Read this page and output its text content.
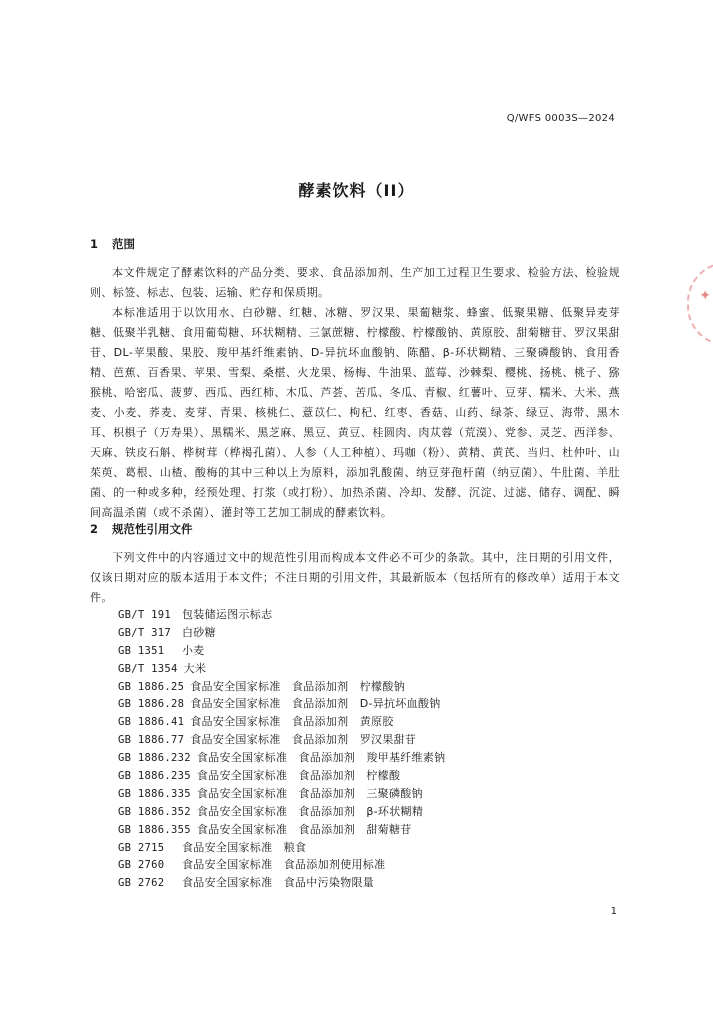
Q/WFS 0003S—2024
酵素饮料（II）
1 范围

本文件规定了酵素饮料的产品分类、要求、食品添加剂、生产加工过程卫生要求、检验方法、检验规则、标签、标志、包装、运输、贮存和保质期。

本标准适用于以饮用水、白砂糖、红糖、冰糖、罗汉果、果葡糖浆、蜂蜜、低聚果糖、低聚异麦芽糖、低聚半乳糖、食用葡萄糖、环状糊精、三氯蔗糖、柠檬酸、柠檬酸钠、黄原胶、甜菊糖苷、罗汉果甜苷、DL-苹果酸、果胶、羧甲基纤维素钠、D-异抗坏血酸钠、陈醋、β-环状糊精、三聚磷酸钠、食用香精、芭蕉、百香果、苹果、雪梨、桑椹、火龙果、杨梅、牛油果、蓝莓、沙棘梨、樱桃、扬桃、桃子、猕猴桃、哈密瓜、菠萝、西瓜、西红柿、木瓜、芦荟、苦瓜、冬瓜、青椒、红薯叶、豆芽、糯米、大米、燕麦、小麦、荞麦、麦芽、青果、核桃仁、薏苡仁、枸杞、红枣、香菇、山药、绿茶、绿豆、海带、黑木耳、枳椇子（万寿果）、黑糯米、黑芝麻、黑豆、黄豆、桂圆肉、肉苁蓉（荒漠）、党参、灵芝、西洋参、天麻、铁皮石斛、桦树茸（桦褐孔菌）、人参（人工种植）、玛咖（粉）、黄精、黄芪、当归、杜仲叶、山茱萸、葛根、山楂、酸梅的其中三种以上为原料，添加乳酸菌、纳豆芽孢杆菌（纳豆菌）、牛肚菌、羊肚菌、的一种或多种，经预处理、打浆（或打粉）、加热杀菌、冷却、发酵、沉淀、过滤、储存、调配、瞬间高温杀菌（或不杀菌）、灌封等工艺加工制成的酵素饮料。

2 规范性引用文件

下列文件中的内容通过文中的规范性引用而构成本文件必不可少的条款。其中，注日期的引用文件，仅该日期对应的版本适用于本文件；不注日期的引用文件，其最新版本（包括所有的修改单）适用于本文件。

GB/T 191 包装储运图示标志
GB/T 317 白砂糖
GB 1351 小麦
GB/T 1354 大米
GB 1886.25 食品安全国家标准　食品添加剂　柠檬酸钠
GB 1886.28 食品安全国家标准　食品添加剂　D-异抗坏血酸钠
GB 1886.41 食品安全国家标准　食品添加剂　黄原胶
GB 1886.77 食品安全国家标准　食品添加剂　罗汉果甜苷
GB 1886.232 食品安全国家标准　食品添加剂　羧甲基纤维素钠
GB 1886.235 食品安全国家标准　食品添加剂　柠檬酸
GB 1886.335 食品安全国家标准　食品添加剂　三聚磷酸钠
GB 1886.352 食品安全国家标准　食品添加剂　β-环状糊精
GB 1886.355 食品安全国家标准　食品添加剂　甜菊糖苷
GB 2715 食品安全国家标准　粮食
GB 2760 食品安全国家标准　食品添加剂使用标准
GB 2762 食品安全国家标准　食品中污染物限量
1
✦
